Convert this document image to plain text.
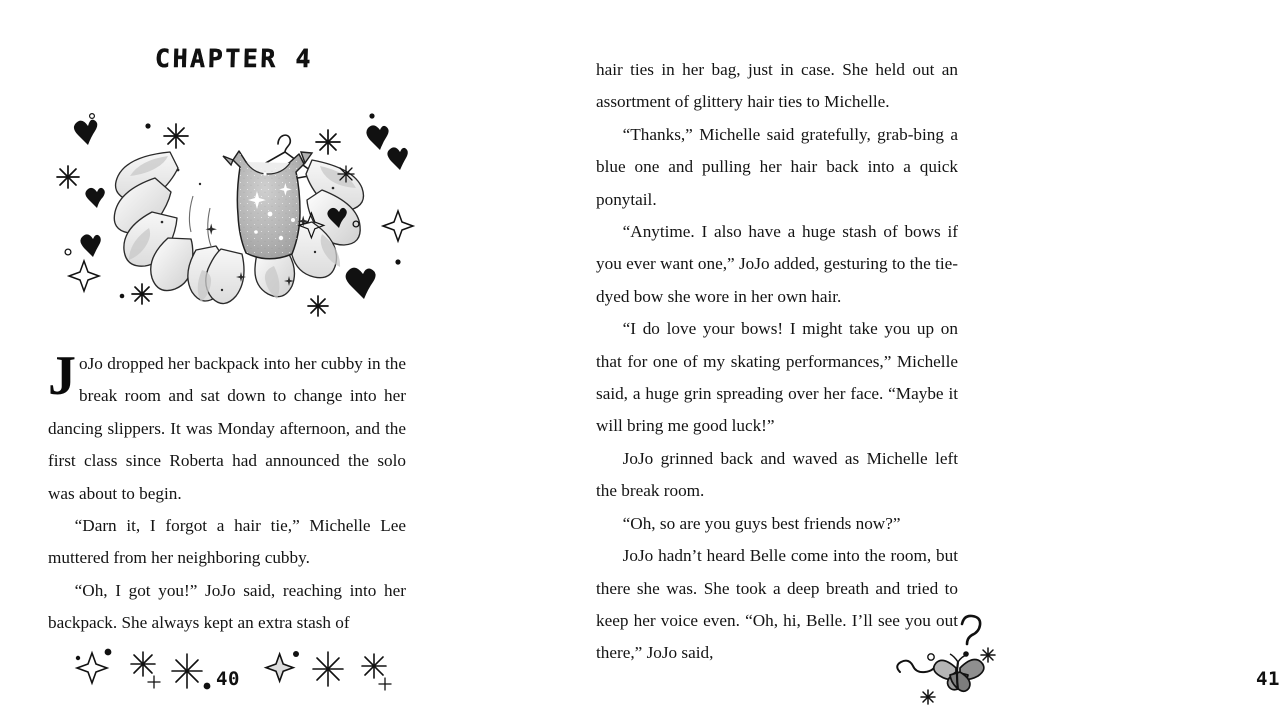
CHAPTER 4
J oJo dropped her backpack into her cubby in the break room and sat down to change into her dancing slippers. It was Monday afternoon, and the first class since Roberta had announced the solo was about to begin.

“Darn it, I forgot a hair tie,” Michelle Lee muttered from her neighboring cubby.

“Oh, I got you!” JoJo said, reaching into her backpack. She always kept an extra stash of

40

hair ties in her bag, just in case. She held out an assortment of glittery hair ties to Michelle.

“Thanks,” Michelle said gratefully, grab-bing a blue one and pulling her hair back into a quick ponytail.

“Anytime. I also have a huge stash of bows if you ever want one,” JoJo added, gesturing to the tie-dyed bow she wore in her own hair.

“I do love your bows! I might take you up on that for one of my skating performances,” Michelle said, a huge grin spreading over her face. “Maybe it will bring me good luck!”

JoJo grinned back and waved as Michelle left the break room.

“Oh, so are you guys best friends now?”

JoJo hadn’t heard Belle come into the room, but there she was. She took a deep breath and tried to keep her voice even. “Oh, hi, Belle. I’ll see you out there,” JoJo said,

41
